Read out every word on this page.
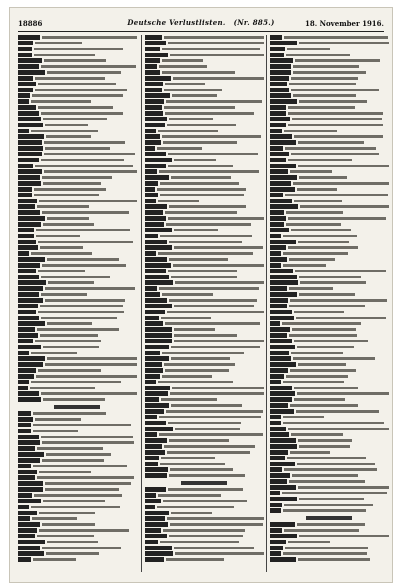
18886	Deutsche Verlustlisten. (Nr. 885.)	18. November 1916.
